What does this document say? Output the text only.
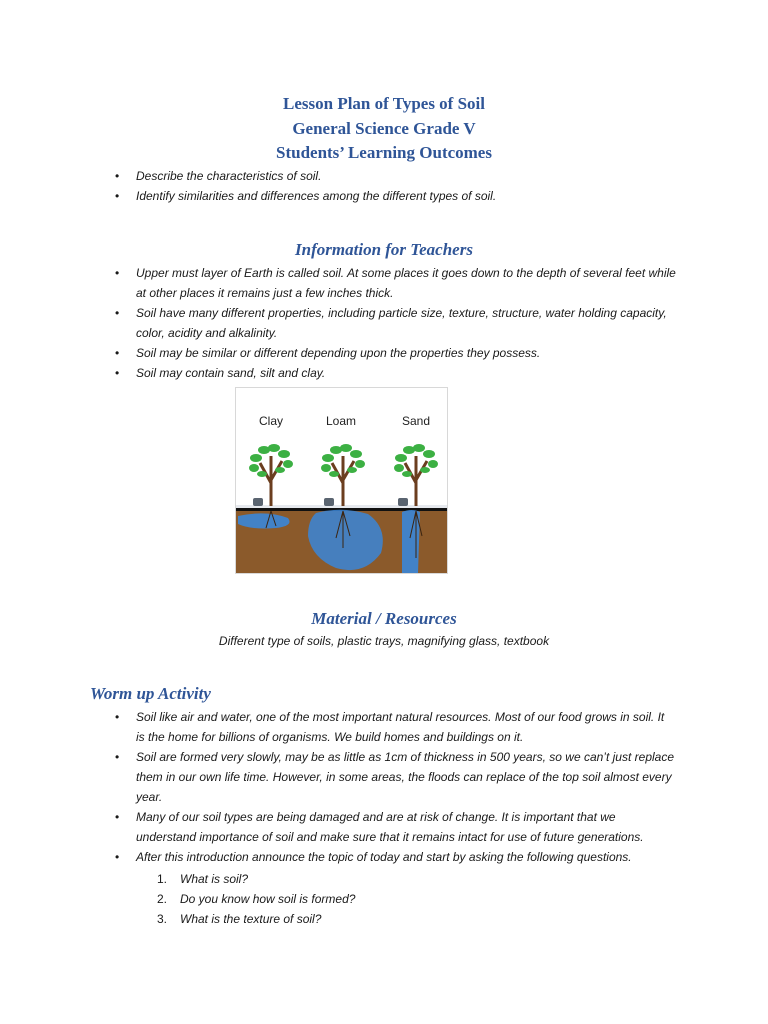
Lesson Plan of Types of Soil
General Science Grade V
Students’ Learning Outcomes
• Describe the characteristics of soil.
• Identify similarities and differences among the different types of soil.
Information for Teachers
• Upper must layer of Earth is called soil. At some places it goes down to the depth of several feet while at other places it remains just a few inches thick.
• Soil have many different properties, including particle size, texture, structure, water holding capacity, color, acidity and alkalinity.
• Soil may be similar or different depending upon the properties they possess.
• Soil may contain sand, silt and clay.
Clay	Loam	Sand
Material / Resources
Different type of soils, plastic trays, magnifying glass, textbook
Worm up Activity
• Soil like air and water, one of the most important natural resources. Most of our food grows in soil. It is the home for billions of organisms. We build homes and buildings on it.
• Soil are formed very slowly, may be as little as 1cm of thickness in 500 years, so we can’t just replace them in our own life time. However, in some areas, the floods can replace of the top soil almost every year.
• Many of our soil types are being damaged and are at risk of change. It is important that we understand importance of soil and make sure that it remains intact for use of future generations.
• After this introduction announce the topic of today and start by asking the following questions.
1. What is soil?
2. Do you know how soil is formed?
3. What is the texture of soil?
